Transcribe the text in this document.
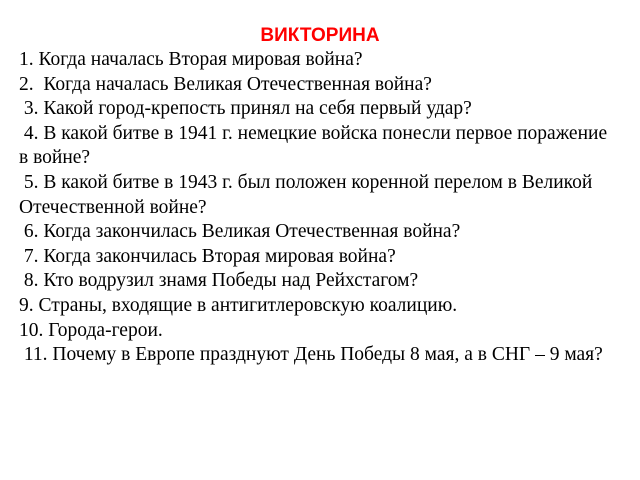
ВИКТОРИНА
1. Когда началась Вторая мировая война?
2.  Когда началась Великая Отечественная война?
3. Какой город-крепость принял на себя первый удар?
4. В какой битве в 1941 г. немецкие войска понесли первое поражение в войне?
5. В какой битве в 1943 г. был положен коренной перелом в Великой Отечественной войне?
6. Когда закончилась Великая Отечественная война?
7. Когда закончилась Вторая мировая война?
8. Кто водрузил знамя Победы над Рейхстагом?
9. Страны, входящие в антигитлеровскую коалицию.
10. Города-герои.
11. Почему в Европе празднуют День Победы 8 мая, а в СНГ – 9 мая?
